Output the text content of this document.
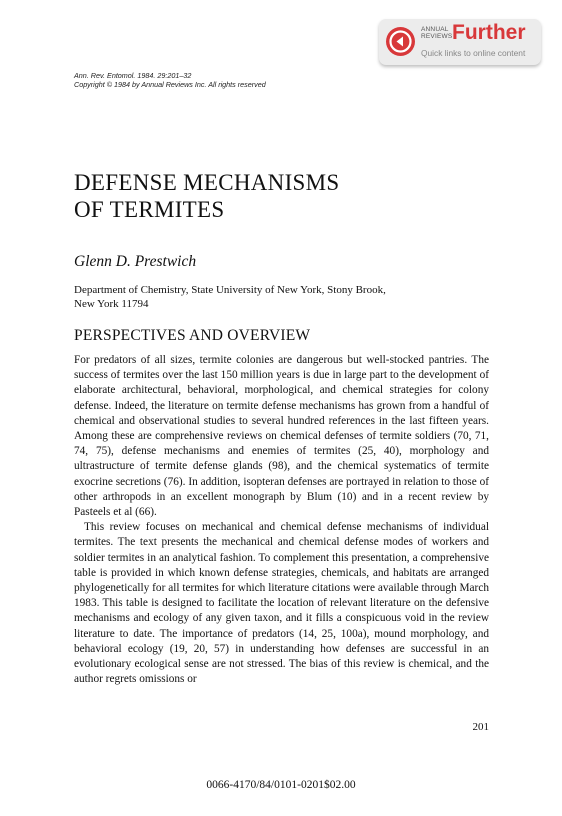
ANNUAL
REVIEWS Further
Quick links to online content
Ann. Rev. Entomol. 1984. 29:201–32
Copyright © 1984 by Annual Reviews Inc. All rights reserved
DEFENSE MECHANISMS
OF TERMITES
Glenn D. Prestwich
Department of Chemistry, State University of New York, Stony Brook,
New York 11794
PERSPECTIVES AND OVERVIEW

For predators of all sizes, termite colonies are dangerous but well-stocked pantries. The success of termites over the last 150 million years is due in large part to the development of elaborate architectural, behavioral, morphological, and chemical strategies for colony defense. Indeed, the literature on termite defense mechanisms has grown from a handful of chemical and observational studies to several hundred references in the last fifteen years. Among these are comprehensive reviews on chemical defenses of termite soldiers (70, 71, 74, 75), defense mechanisms and enemies of termites (25, 40), morphology and ultrastructure of termite defense glands (98), and the chemical systematics of termite exocrine secretions (76). In addition, isopteran defenses are portrayed in relation to those of other arthropods in an excellent monograph by Blum (10) and in a recent review by Pasteels et al (66).

This review focuses on mechanical and chemical defense mechanisms of individual termites. The text presents the mechanical and chemical defense modes of workers and soldier termites in an analytical fashion. To complement this presentation, a comprehensive table is provided in which known defense strategies, chemicals, and habitats are arranged phylogenetically for all termites for which literature citations were available through March 1983. This table is designed to facilitate the location of relevant literature on the defensive mechanisms and ecology of any given taxon, and it fills a conspicuous void in the review literature to date. The importance of predators (14, 25, 100a), mound morphology, and behavioral ecology (19, 20, 57) in understanding how defenses are successful in an evolutionary ecological sense are not stressed. The bias of this review is chemical, and the author regrets omissions or

201
0066-4170/84/0101-0201$02.00
